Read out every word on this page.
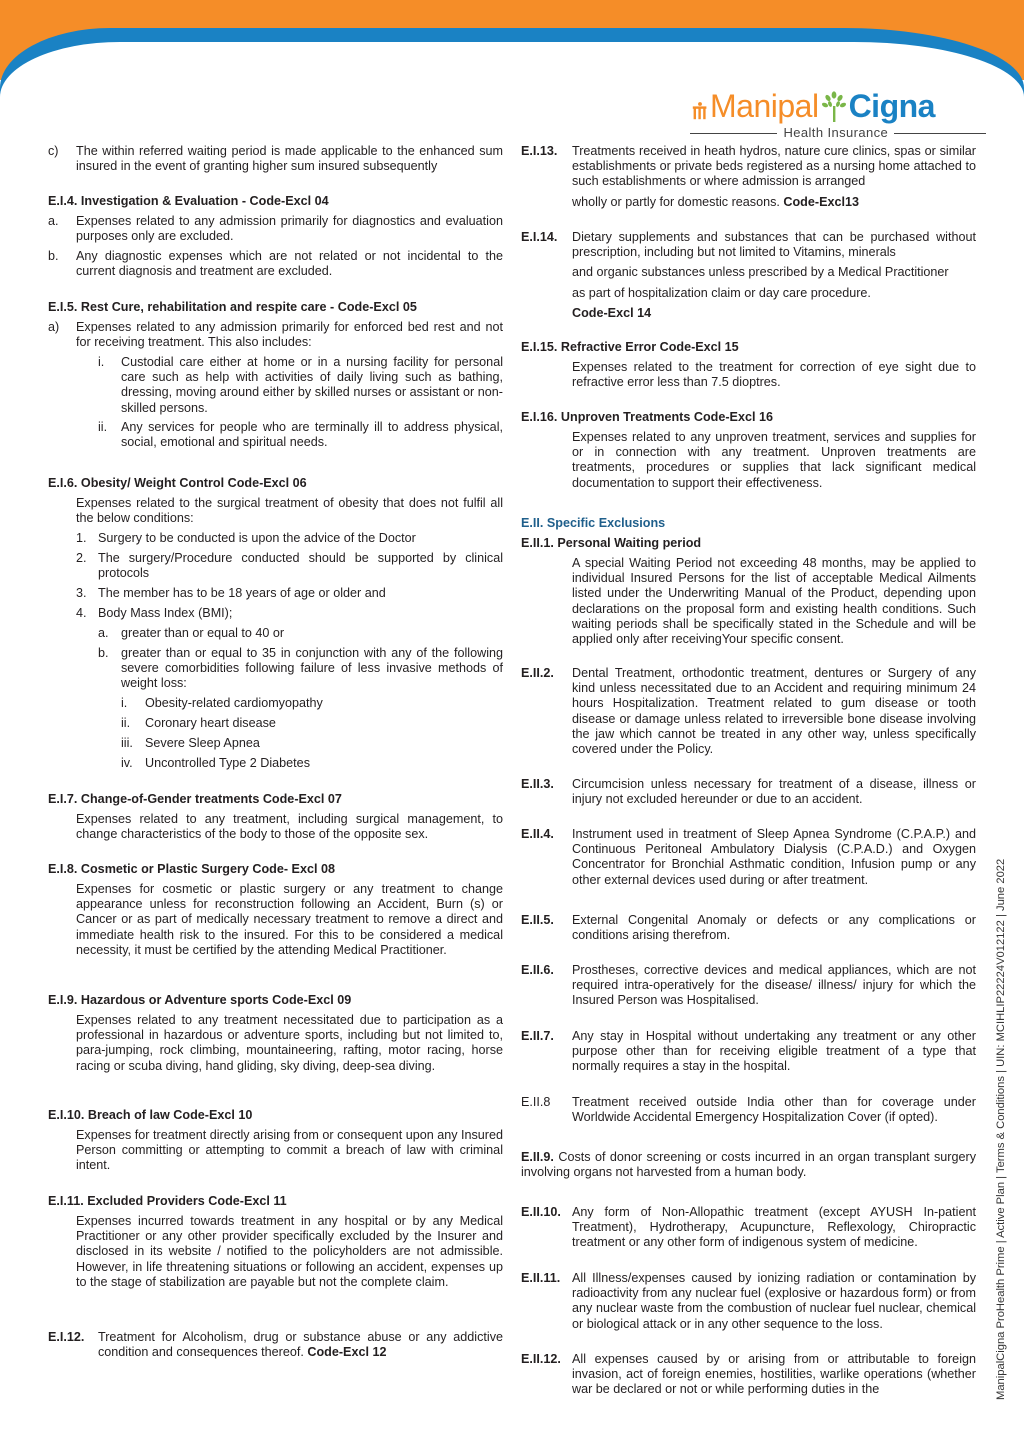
Manipal Cigna
Health Insurance
c) The within referred waiting period is made applicable to the enhanced sum insured in the event of granting higher sum insured subsequently

E.I.4. Investigation & Evaluation - Code-Excl 04

a. Expenses related to any admission primarily for diagnostics and evaluation purposes only are excluded.

b. Any diagnostic expenses which are not related or not incidental to the current diagnosis and treatment are excluded.

E.I.5. Rest Cure, rehabilitation and respite care - Code-Excl 05

a) Expenses related to any admission primarily for enforced bed rest and not for receiving treatment. This also includes:

i. Custodial care either at home or in a nursing facility for personal care such as help with activities of daily living such as bathing, dressing, moving around either by skilled nurses or assistant or non-skilled persons.

ii. Any services for people who are terminally ill to address physical, social, emotional and spiritual needs.

E.I.6. Obesity/ Weight Control Code-Excl 06

Expenses related to the surgical treatment of obesity that does not fulfil all the below conditions:

1. Surgery to be conducted is upon the advice of the Doctor

2. The surgery/Procedure conducted should be supported by clinical protocols

3. The member has to be 18 years of age or older and

4. Body Mass Index (BMI);

a. greater than or equal to 40 or

b. greater than or equal to 35 in conjunction with any of the following severe comorbidities following failure of less invasive methods of weight loss:

i. Obesity-related cardiomyopathy

ii. Coronary heart disease

iii. Severe Sleep Apnea

iv. Uncontrolled Type 2 Diabetes

E.I.7. Change-of-Gender treatments Code-Excl 07

Expenses related to any treatment, including surgical management, to change characteristics of the body to those of the opposite sex.

E.I.8. Cosmetic or Plastic Surgery Code- Excl 08

Expenses for cosmetic or plastic surgery or any treatment to change appearance unless for reconstruction following an Accident, Burn (s) or Cancer or as part of medically necessary treatment to remove a direct and immediate health risk to the insured. For this to be considered a medical necessity, it must be certified by the attending Medical Practitioner.

E.I.9. Hazardous or Adventure sports Code-Excl 09

Expenses related to any treatment necessitated due to participation as a professional in hazardous or adventure sports, including but not limited to, para-jumping, rock climbing, mountaineering, rafting, motor racing, horse racing or scuba diving, hand gliding, sky diving, deep-sea diving.

E.I.10. Breach of law Code-Excl 10

Expenses for treatment directly arising from or consequent upon any Insured Person committing or attempting to commit a breach of law with criminal intent.

E.I.11. Excluded Providers Code-Excl 11

Expenses incurred towards treatment in any hospital or by any Medical Practitioner or any other provider specifically excluded by the Insurer and disclosed in its website / notified to the policyholders are not admissible. However, in life threatening situations or following an accident, expenses up to the stage of stabilization are payable but not the complete claim.

E.I.12. Treatment for Alcoholism, drug or substance abuse or any addictive condition and consequences thereof. Code-Excl 12

E.I.13. Treatments received in heath hydros, nature cure clinics, spas or similar establishments or private beds registered as a nursing home attached to such establishments or where admission is arranged

wholly or partly for domestic reasons. Code-Excl13

E.I.14. Dietary supplements and substances that can be purchased without prescription, including but not limited to Vitamins, minerals

and organic substances unless prescribed by a Medical Practitioner

as part of hospitalization claim or day care procedure.

Code-Excl 14

E.I.15. Refractive Error Code-Excl 15

Expenses related to the treatment for correction of eye sight due to refractive error less than 7.5 dioptres.

E.I.16. Unproven Treatments Code-Excl 16

Expenses related to any unproven treatment, services and supplies for or in connection with any treatment. Unproven treatments are treatments, procedures or supplies that lack significant medical documentation to support their effectiveness.

E.II. Specific Exclusions

E.II.1. Personal Waiting period

A special Waiting Period not exceeding 48 months, may be applied to individual Insured Persons for the list of acceptable Medical Ailments listed under the Underwriting Manual of the Product, depending upon declarations on the proposal form and existing health conditions. Such waiting periods shall be specifically stated in the Schedule and will be applied only after receivingYour specific consent.

E.II.2. Dental Treatment, orthodontic treatment, dentures or Surgery of any kind unless necessitated due to an Accident and requiring minimum 24 hours Hospitalization. Treatment related to gum disease or tooth disease or damage unless related to irreversible bone disease involving the jaw which cannot be treated in any other way, unless specifically covered under the Policy.

E.II.3. Circumcision unless necessary for treatment of a disease, illness or injury not excluded hereunder or due to an accident.

E.II.4. Instrument used in treatment of Sleep Apnea Syndrome (C.P.A.P.) and Continuous Peritoneal Ambulatory Dialysis (C.P.A.D.) and Oxygen Concentrator for Bronchial Asthmatic condition, Infusion pump or any other external devices used during or after treatment.

E.II.5. External Congenital Anomaly or defects or any complications or conditions arising therefrom.

E.II.6. Prostheses, corrective devices and medical appliances, which are not required intra-operatively for the disease/ illness/ injury for which the Insured Person was Hospitalised.

E.II.7. Any stay in Hospital without undertaking any treatment or any other purpose other than for receiving eligible treatment of a type that normally requires a stay in the hospital.

E.II.8 Treatment received outside India other than for coverage under Worldwide Accidental Emergency Hospitalization Cover (if opted).

E.II.9. Costs of donor screening or costs incurred in an organ transplant surgery involving organs not harvested from a human body.

E.II.10. Any form of Non-Allopathic treatment (except AYUSH In-patient Treatment), Hydrotherapy, Acupuncture, Reflexology, Chiropractic treatment or any other form of indigenous system of medicine.

E.II.11. All Illness/expenses caused by ionizing radiation or contamination by radioactivity from any nuclear fuel (explosive or hazardous form) or from any nuclear waste from the combustion of nuclear fuel nuclear, chemical or biological attack or in any other sequence to the loss.

E.II.12. All expenses caused by or arising from or attributable to foreign invasion, act of foreign enemies, hostilities, warlike operations (whether war be declared or not or while performing duties in the	ManipalCigna ProHealth Prime | Active Plan | Terms & Conditions | UIN: MCIHLIP22224V012122 | June 2022
